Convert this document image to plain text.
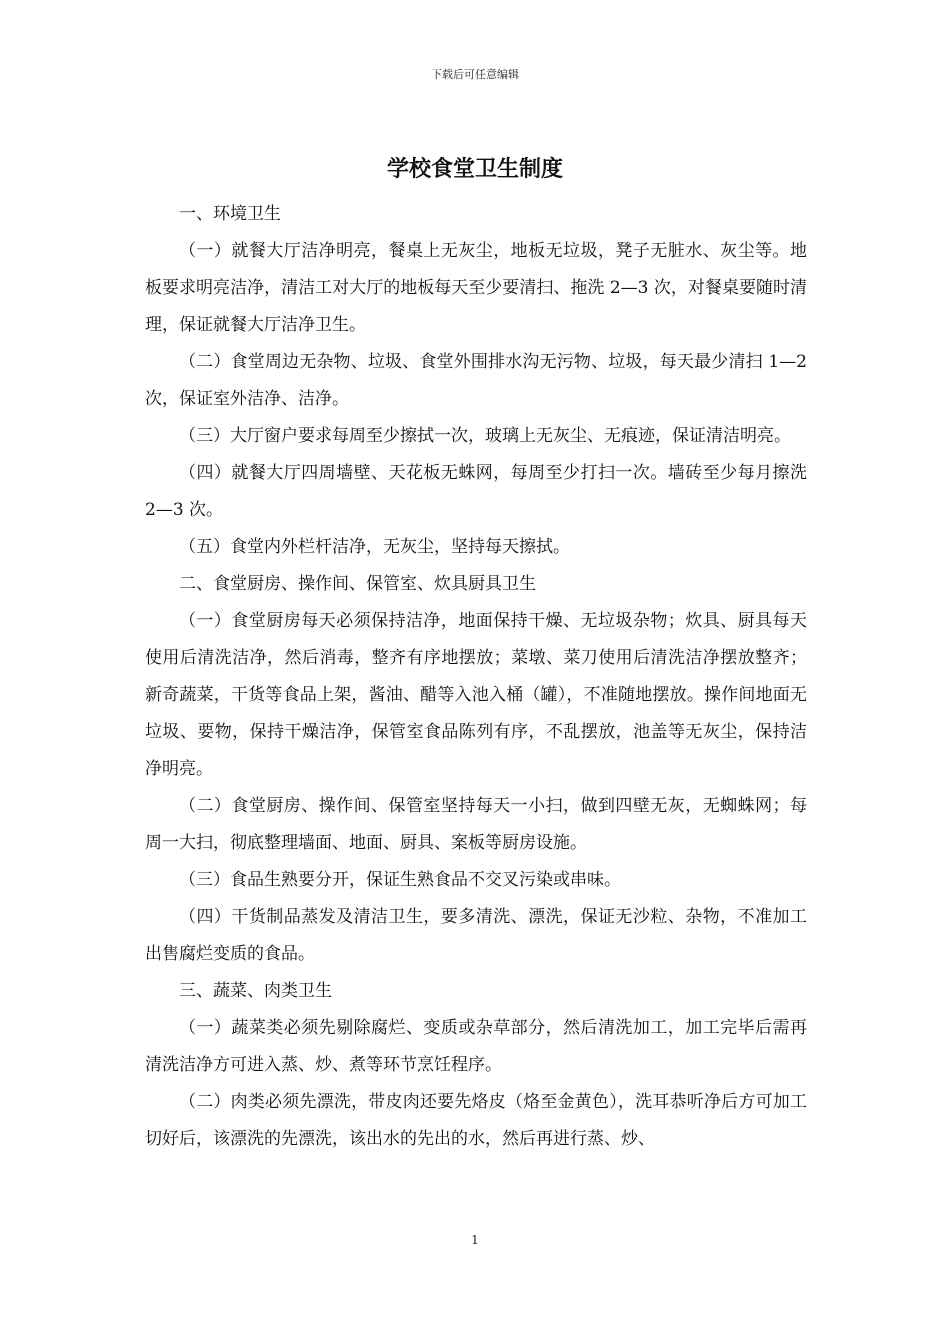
下载后可任意编辑
学校食堂卫生制度

一、环境卫生

（一）就餐大厅洁净明亮，餐桌上无灰尘，地板无垃圾，凳子无脏水、灰尘等。地板要求明亮洁净，清洁工对大厅的地板每天至少要清扫、拖洗 2—3 次，对餐桌要随时清理，保证就餐大厅洁净卫生。

（二）食堂周边无杂物、垃圾、食堂外围排水沟无污物、垃圾，每天最少清扫 1—2 次，保证室外洁净、洁净。

（三）大厅窗户要求每周至少擦拭一次，玻璃上无灰尘、无痕迹，保证清洁明亮。

（四）就餐大厅四周墙壁、天花板无蛛网，每周至少打扫一次。墙砖至少每月擦洗 2—3 次。

（五）食堂内外栏杆洁净，无灰尘，坚持每天擦拭。

二、食堂厨房、操作间、保管室、炊具厨具卫生

（一）食堂厨房每天必须保持洁净，地面保持干燥、无垃圾杂物；炊具、厨具每天使用后清洗洁净，然后消毒，整齐有序地摆放；菜墩、菜刀使用后清洗洁净摆放整齐；新奇蔬菜，干货等食品上架，酱油、醋等入池入桶（罐），不准随地摆放。操作间地面无垃圾、要物，保持干燥洁净，保管室食品陈列有序，不乱摆放，池盖等无灰尘，保持洁净明亮。

（二）食堂厨房、操作间、保管室坚持每天一小扫，做到四壁无灰，无蜘蛛网；每周一大扫，彻底整理墙面、地面、厨具、案板等厨房设施。

（三）食品生熟要分开，保证生熟食品不交叉污染或串味。

（四）干货制品蒸发及清洁卫生，要多清洗、漂洗，保证无沙粒、杂物，不准加工出售腐烂变质的食品。

三、蔬菜、肉类卫生

（一）蔬菜类必须先剔除腐烂、变质或杂草部分，然后清洗加工，加工完毕后需再清洗洁净方可进入蒸、炒、煮等环节烹饪程序。

（二）肉类必须先漂洗，带皮肉还要先烙皮（烙至金黄色），洗耳恭听净后方可加工切好后，该漂洗的先漂洗，该出水的先出的水，然后再进行蒸、炒、

1
